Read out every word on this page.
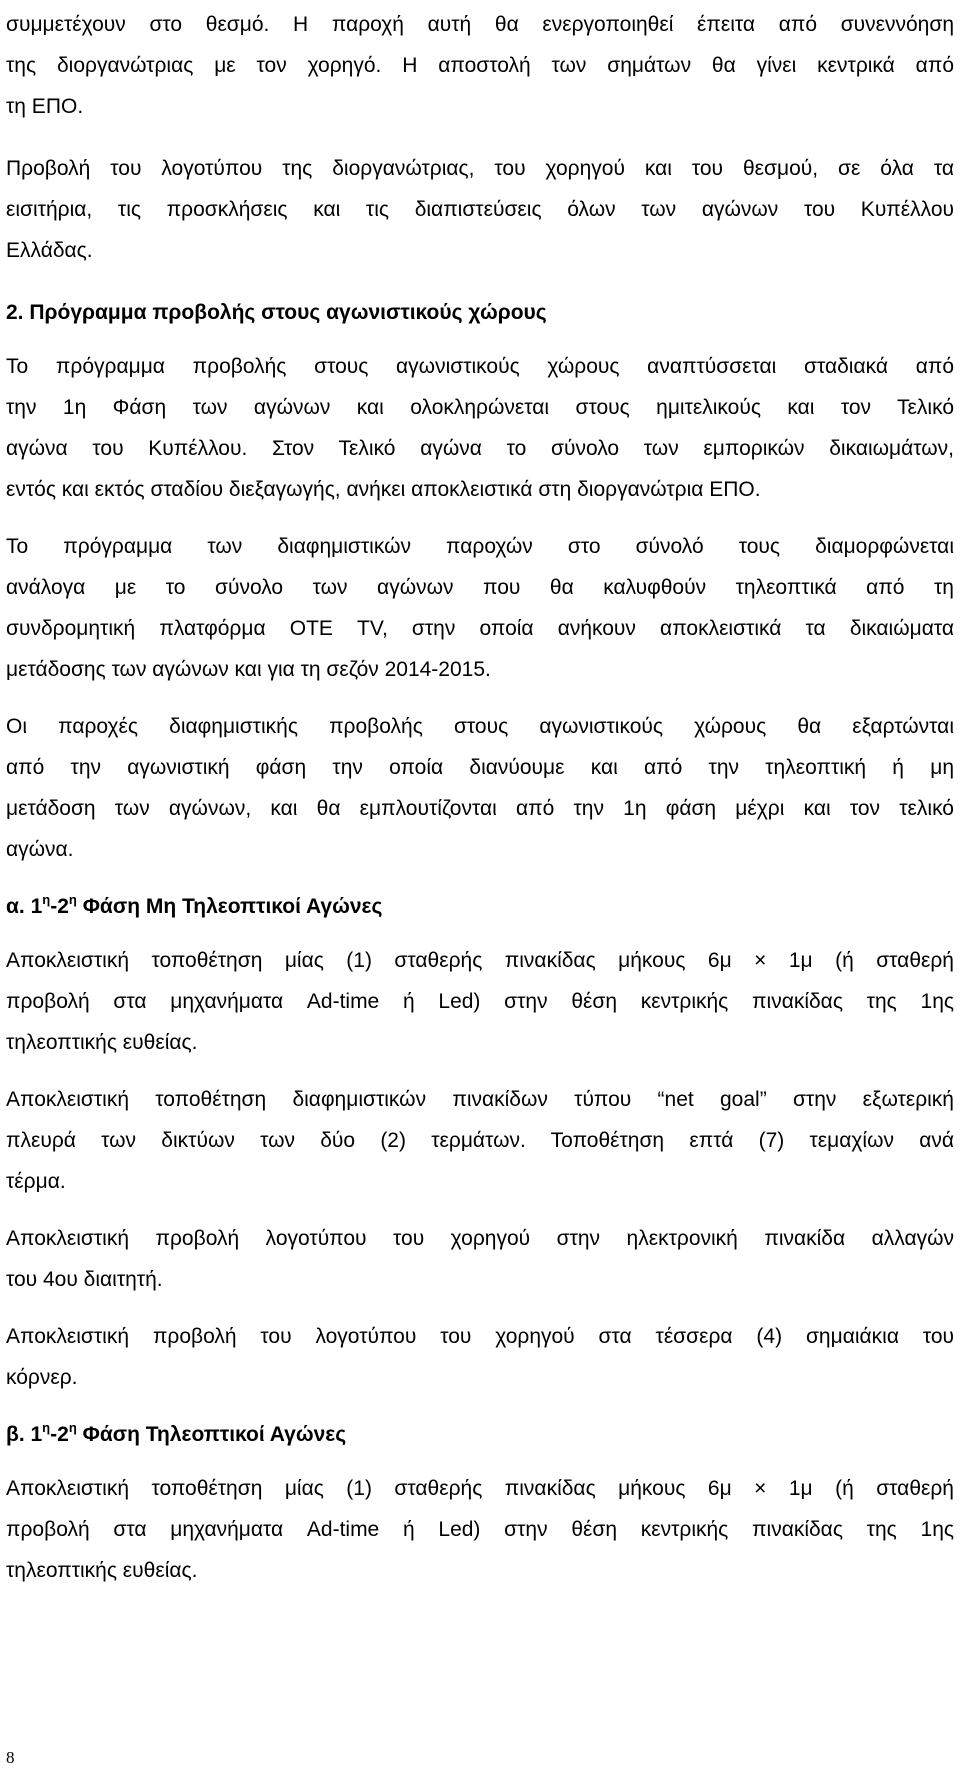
συμμετέχουν στο θεσμό. Η παροχή αυτή θα ενεργοποιηθεί έπειτα από συνεννόηση
της διοργανώτριας με τον χορηγό. Η αποστολή των σημάτων θα γίνει κεντρικά από
τη ΕΠΟ.
Προβολή του λογοτύπου της διοργανώτριας, του χορηγού και του θεσμού, σε όλα τα
εισιτήρια, τις προσκλήσεις και τις διαπιστεύσεις όλων των αγώνων του Κυπέλλου
Ελλάδας.
2. Πρόγραμμα προβολής στους αγωνιστικούς χώρους
Το πρόγραμμα προβολής στους αγωνιστικούς χώρους αναπτύσσεται σταδιακά από
την 1η Φάση των αγώνων και ολοκληρώνεται στους ημιτελικούς και τον Τελικό
αγώνα του Κυπέλλου. Στον Τελικό αγώνα το σύνολο των εμπορικών δικαιωμάτων,
εντός και εκτός σταδίου διεξαγωγής, ανήκει αποκλειστικά στη διοργανώτρια ΕΠΟ.
Το πρόγραμμα των διαφημιστικών παροχών στο σύνολό τους διαμορφώνεται
ανάλογα με το σύνολο των αγώνων που θα καλυφθούν τηλεοπτικά από τη
συνδρομητική πλατφόρμα ΟΤΕ TV, στην οποία ανήκουν αποκλειστικά τα δικαιώματα
μετάδοσης των αγώνων και για τη σεζόν 2014-2015.
Οι παροχές διαφημιστικής προβολής στους αγωνιστικούς χώρους θα εξαρτώνται
από την αγωνιστική φάση την οποία διανύουμε και από την τηλεοπτική ή μη
μετάδοση των αγώνων, και θα εμπλουτίζονται από την 1η φάση μέχρι και τον τελικό
αγώνα.
α. $1^\eta-2^\eta$ Φάση Μη Τηλεοπτικοί Αγώνες
Αποκλειστική τοποθέτηση μίας (1) σταθερής πινακίδας μήκους 6μ × 1μ (ή σταθερή
προβολή στα μηχανήματα Ad-time ή Led) στην θέση κεντρικής πινακίδας της 1ης
τηλεοπτικής ευθείας.
Αποκλειστική τοποθέτηση διαφημιστικών πινακίδων τύπου “net goal” στην εξωτερική
πλευρά των δικτύων των δύο (2) τερμάτων. Τοποθέτηση επτά (7) τεμαχίων ανά
τέρμα.
Αποκλειστική προβολή λογοτύπου του χορηγού στην ηλεκτρονική πινακίδα αλλαγών
του 4ου διαιτητή.
Αποκλειστική προβολή του λογοτύπου του χορηγού στα τέσσερα (4) σημαιάκια του
κόρνερ.
β. $1^\eta-2^\eta$ Φάση Τηλεοπτικοί Αγώνες
Αποκλειστική τοποθέτηση μίας (1) σταθερής πινακίδας μήκους 6μ × 1μ (ή σταθερή
προβολή στα μηχανήματα Ad-time ή Led) στην θέση κεντρικής πινακίδας της 1ης
τηλεοπτικής ευθείας.
8
